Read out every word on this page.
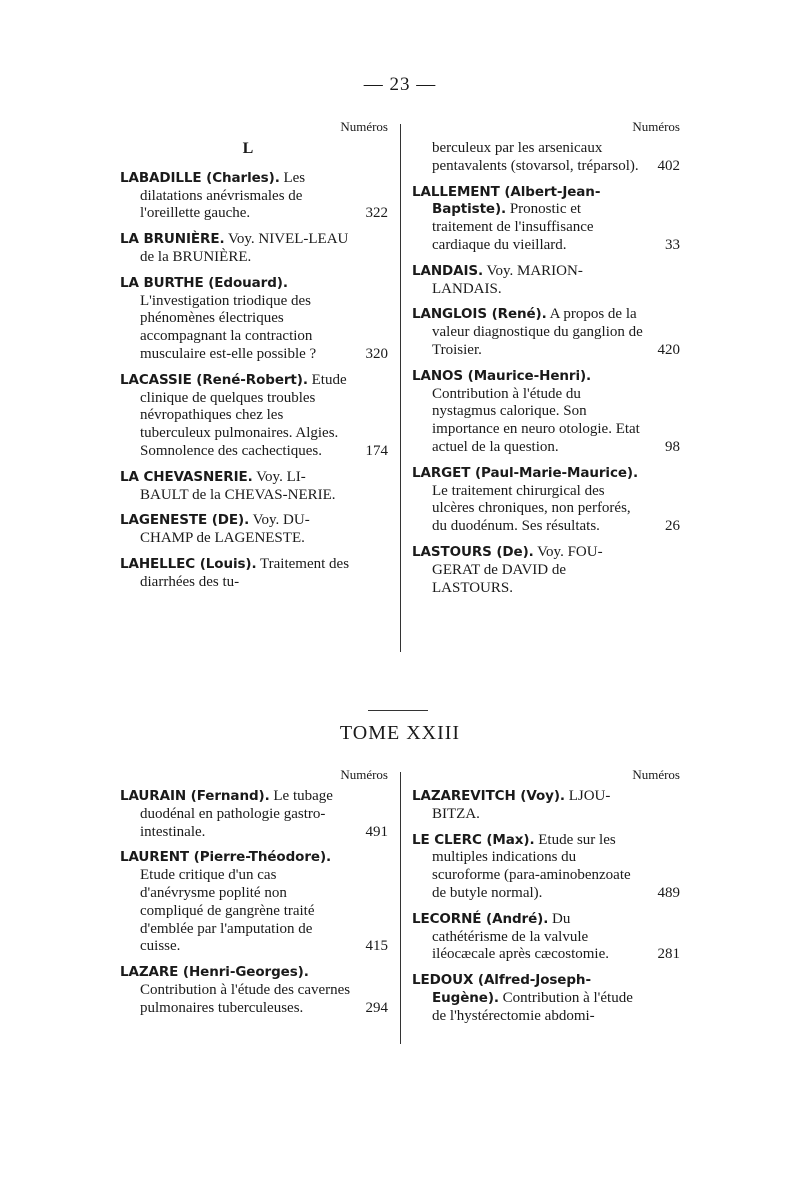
— 23 —
Numéros
L
LABADILLE (Charles). Les dilatations anévrismales de l'oreillette gauche.	322
LA BRUNIÈRE. Voy. NIVEL-LEAU de la BRUNIÈRE.
LA BURTHE (Edouard). L'investigation triodique des phénomènes électriques accompagnant la contraction musculaire est-elle possible ?	320
LACASSIE (René-Robert). Etude clinique de quelques troubles névropathiques chez les tuberculeux pulmonaires. Algies. Somnolence des cachectiques.	174
LA CHEVASNERIE. Voy. LI-BAULT de la CHEVAS-NERIE.
LAGENESTE (DE). Voy. DU-CHAMP de LAGENESTE.
LAHELLEC (Louis). Traitement des diarrhées des tu-
Numéros
berculeux par les arsenicaux pentavalents (stovarsol, tréparsol). 402
LALLEMENT (Albert-Jean-Baptiste). Pronostic et traitement de l'insuffisance cardiaque du vieillard.	33
LANDAIS. Voy. MARION-LANDAIS.
LANGLOIS (René). A propos de la valeur diagnostique du ganglion de Troisier.	420
LANOS (Maurice-Henri). Contribution à l'étude du nystagmus calorique. Son importance en neuro otologie. Etat actuel de la question.	98
LARGET (Paul-Marie-Maurice). Le traitement chirurgical des ulcères chroniques, non perforés, du duodénum. Ses résultats.	26
LASTOURS (De). Voy. FOU-GERAT de DAVID de LASTOURS.
TOME XXIII
Numéros
LAURAIN (Fernand). Le tubage duodénal en pathologie gastro-intestinale.	491
LAURENT (Pierre-Théodore). Etude critique d'un cas d'anévrysme poplité non compliqué de gangrène traité d'emblée par l'amputation de cuisse.	415
LAZARE (Henri-Georges). Contribution à l'étude des cavernes pulmonaires tuberculeuses.	294
Numéros
LAZAREVITCH (Voy). LJOU-BITZA.
LE CLERC (Max). Etude sur les multiples indications du scuroforme (para-aminobenzoate de butyle normal).	489
LECORNÉ (André). Du cathétérisme de la valvule iléocæcale après cæcostomie.	281
LEDOUX (Alfred-Joseph-Eugène). Contribution à l'étude de l'hystérectomie abdomi-
